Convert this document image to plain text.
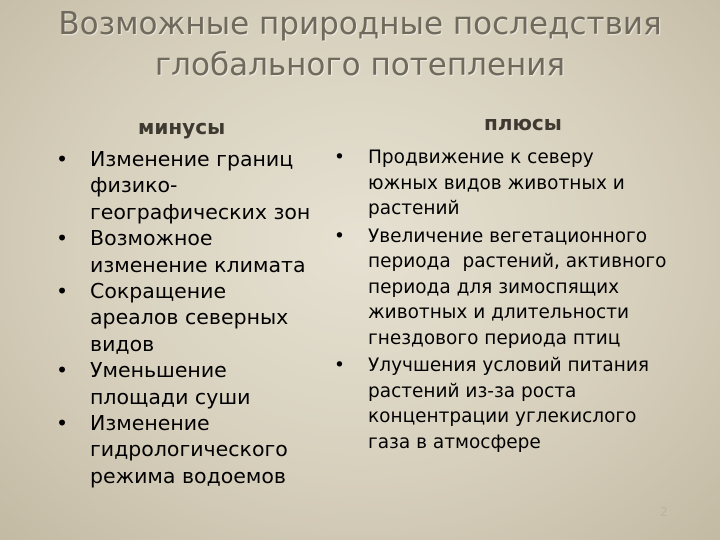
Возможные природные последствия
глобального потепления
минусы	плюсы
• Изменение границ
физико-
географических зон
• Возможное
изменение климата
• Сокращение
ареалов северных
видов
• Уменьшение
площади суши
• Изменение
гидрологического
режима водоемов
• Продвижение к северу
южных видов животных и
растений
• Увеличение вегетационного
периода  растений, активного
периода для зимоспящих
животных и длительности
гнездового периода птиц
• Улучшения условий питания
растений из-за роста
концентрации углекислого
газа в атмосфере
2
